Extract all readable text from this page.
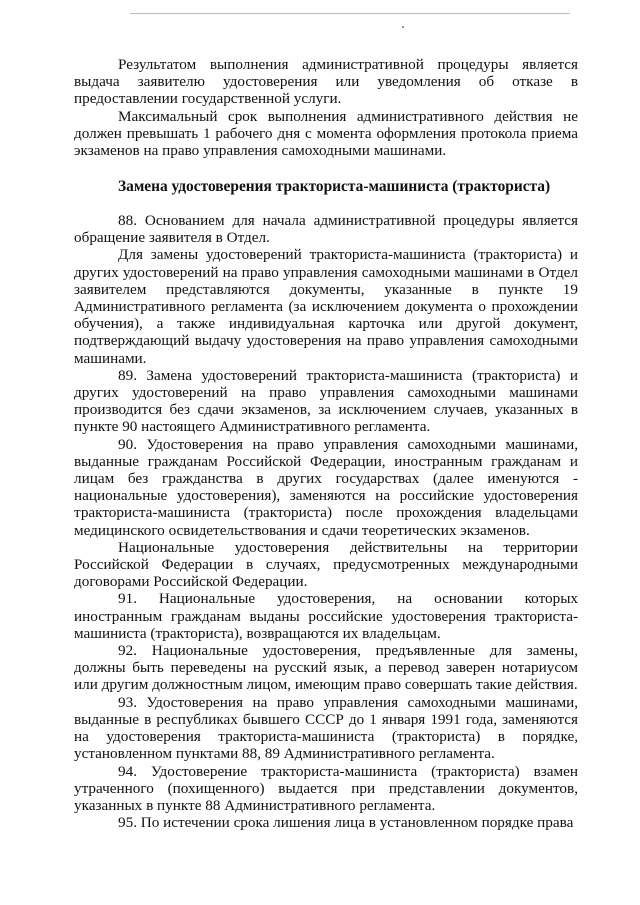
Результатом выполнения административной процедуры является выдача заявителю удостоверения или уведомления об отказе в предоставлении государственной услуги.

Максимальный срок выполнения административного действия не должен превышать 1 рабочего дня с момента оформления протокола приема экзаменов на право управления самоходными машинами.

Замена удостоверения тракториста-машиниста (тракториста)

88. Основанием для начала административной процедуры является обращение заявителя в Отдел.

Для замены удостоверений тракториста-машиниста (тракториста) и других удостоверений на право управления самоходными машинами в Отдел заявителем представляются документы, указанные в пункте 19 Административного регламента (за исключением документа о прохождении обучения), а также индивидуальная карточка или другой документ, подтверждающий выдачу удостоверения на право управления самоходными машинами.

89. Замена удостоверений тракториста-машиниста (тракториста) и других удостоверений на право управления самоходными машинами производится без сдачи экзаменов, за исключением случаев, указанных в пункте 90 настоящего Административного регламента.

90. Удостоверения на право управления самоходными машинами, выданные гражданам Российской Федерации, иностранным гражданам и лицам без гражданства в других государствах (далее именуются - национальные удостоверения), заменяются на российские удостоверения тракториста-машиниста (тракториста) после прохождения владельцами медицинского освидетельствования и сдачи теоретических экзаменов.

Национальные удостоверения действительны на территории Российской Федерации в случаях, предусмотренных международными договорами Российской Федерации.

91. Национальные удостоверения, на основании которых иностранным гражданам выданы российские удостоверения тракториста-машиниста (тракториста), возвращаются их владельцам.

92. Национальные удостоверения, предъявленные для замены, должны быть переведены на русский язык, а перевод заверен нотариусом или другим должностным лицом, имеющим право совершать такие действия.

93. Удостоверения на право управления самоходными машинами, выданные в республиках бывшего СССР до 1 января 1991 года, заменяются на удостоверения тракториста-машиниста (тракториста) в порядке, установленном пунктами 88, 89 Административного регламента.

94. Удостоверение тракториста-машиниста (тракториста) взамен утраченного (похищенного) выдается при представлении документов, указанных в пункте 88 Административного регламента.

95. По истечении срока лишения лица в установленном порядке права
